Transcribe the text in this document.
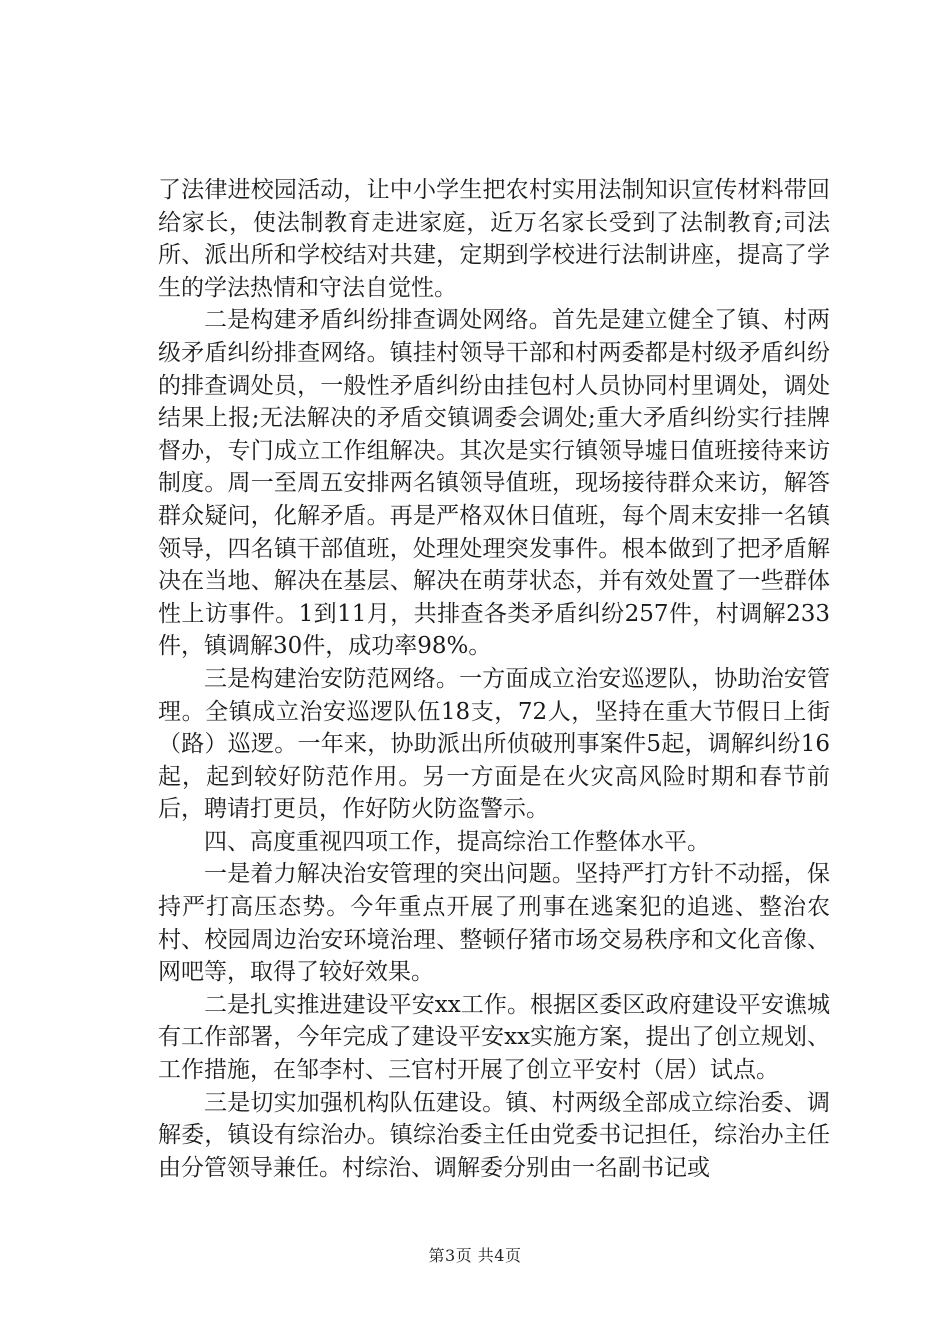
了法律进校园活动，让中小学生把农村实用法制知识宣传材料带回给家长，使法制教育走进家庭，近万名家长受到了法制教育;司法所、派出所和学校结对共建，定期到学校进行法制讲座，提高了学生的学法热情和守法自觉性。

二是构建矛盾纠纷排查调处网络。首先是建立健全了镇、村两级矛盾纠纷排查网络。镇挂村领导干部和村两委都是村级矛盾纠纷的排查调处员，一般性矛盾纠纷由挂包村人员协同村里调处，调处结果上报;无法解决的矛盾交镇调委会调处;重大矛盾纠纷实行挂牌督办，专门成立工作组解决。其次是实行镇领导墟日值班接待来访制度。周一至周五安排两名镇领导值班，现场接待群众来访，解答群众疑问，化解矛盾。再是严格双休日值班，每个周末安排一名镇领导，四名镇干部值班，处理处理突发事件。根本做到了把矛盾解决在当地、解决在基层、解决在萌芽状态，并有效处置了一些群体性上访事件。1到11月，共排查各类矛盾纠纷257件，村调解233件，镇调解30件，成功率98%。

三是构建治安防范网络。一方面成立治安巡逻队，协助治安管理。全镇成立治安巡逻队伍18支，72人，坚持在重大节假日上街（路）巡逻。一年来，协助派出所侦破刑事案件5起，调解纠纷16起，起到较好防范作用。另一方面是在火灾高风险时期和春节前后，聘请打更员，作好防火防盗警示。

四、高度重视四项工作，提高综治工作整体水平。

一是着力解决治安管理的突出问题。坚持严打方针不动摇，保持严打高压态势。今年重点开展了刑事在逃案犯的追逃、整治农村、校园周边治安环境治理、整顿仔猪市场交易秩序和文化音像、网吧等，取得了较好效果。

二是扎实推进建设平安xx工作。根据区委区政府建设平安谯城有工作部署，今年完成了建设平安xx实施方案，提出了创立规划、工作措施，在邹李村、三官村开展了创立平安村（居）试点。

三是切实加强机构队伍建设。镇、村两级全部成立综治委、调解委，镇设有综治办。镇综治委主任由党委书记担任，综治办主任由分管领导兼任。村综治、调解委分别由一名副书记或

第3页 共4页
